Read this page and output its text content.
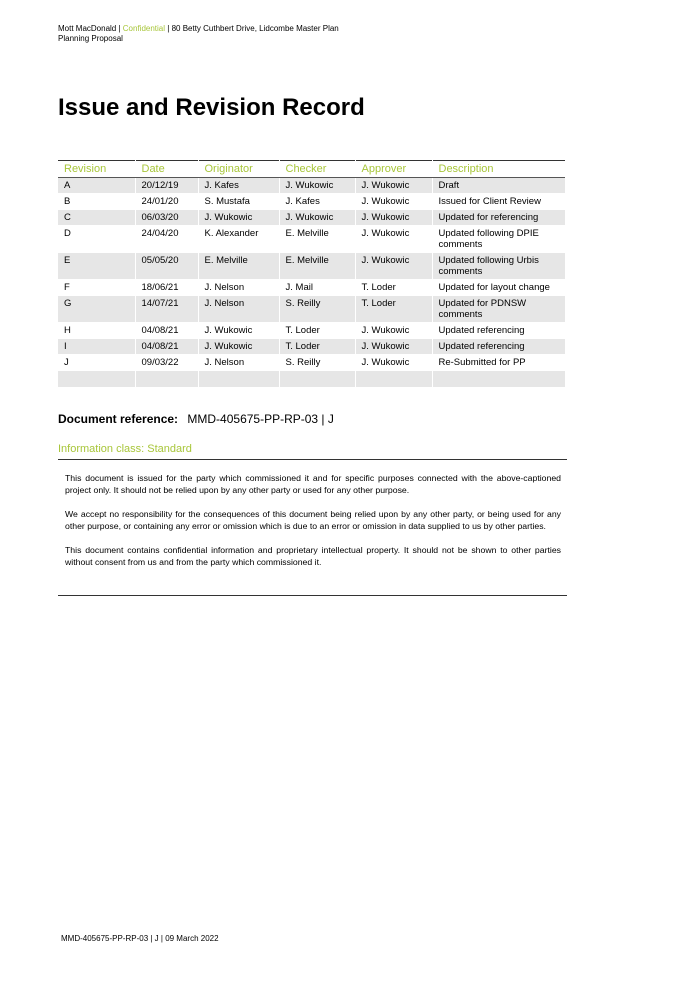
Mott MacDonald | Confidential | 80 Betty Cuthbert Drive, Lidcombe Master Plan
Planning Proposal
Issue and Revision Record
Revision	Date	Originator	Checker	Approver	Description
A	20/12/19	J. Kafes	J. Wukowic	J. Wukowic	Draft
B	24/01/20	S. Mustafa	J. Kafes	J. Wukowic	Issued for Client Review
C	06/03/20	J. Wukowic	J. Wukowic	J. Wukowic	Updated for referencing
D	24/04/20	K. Alexander	E. Melville	J. Wukowic	Updated following DPIE comments
E	05/05/20	E. Melville	E. Melville	J. Wukowic	Updated following Urbis comments
F	18/06/21	J. Nelson	J. Mail	T. Loder	Updated for layout change
G	14/07/21	J. Nelson	S. Reilly	T. Loder	Updated for PDNSW comments
H	04/08/21	J. Wukowic	T. Loder	J. Wukowic	Updated referencing
I	04/08/21	J. Wukowic	T. Loder	J. Wukowic	Updated referencing
J	09/03/22	J. Nelson	S. Reilly	J. Wukowic	Re-Submitted for PP

Document reference: MMD-405675-PP-RP-03 | J
Information class: Standard

This document is issued for the party which commissioned it and for specific purposes connected with the above-captioned project only. It should not be relied upon by any other party or used for any other purpose.

We accept no responsibility for the consequences of this document being relied upon by any other party, or being used for any other purpose, or containing any error or omission which is due to an error or omission in data supplied to us by other parties.

This document contains confidential information and proprietary intellectual property. It should not be shown to other parties without consent from us and from the party which commissioned it.

MMD-405675-PP-RP-03 | J | 09 March 2022
